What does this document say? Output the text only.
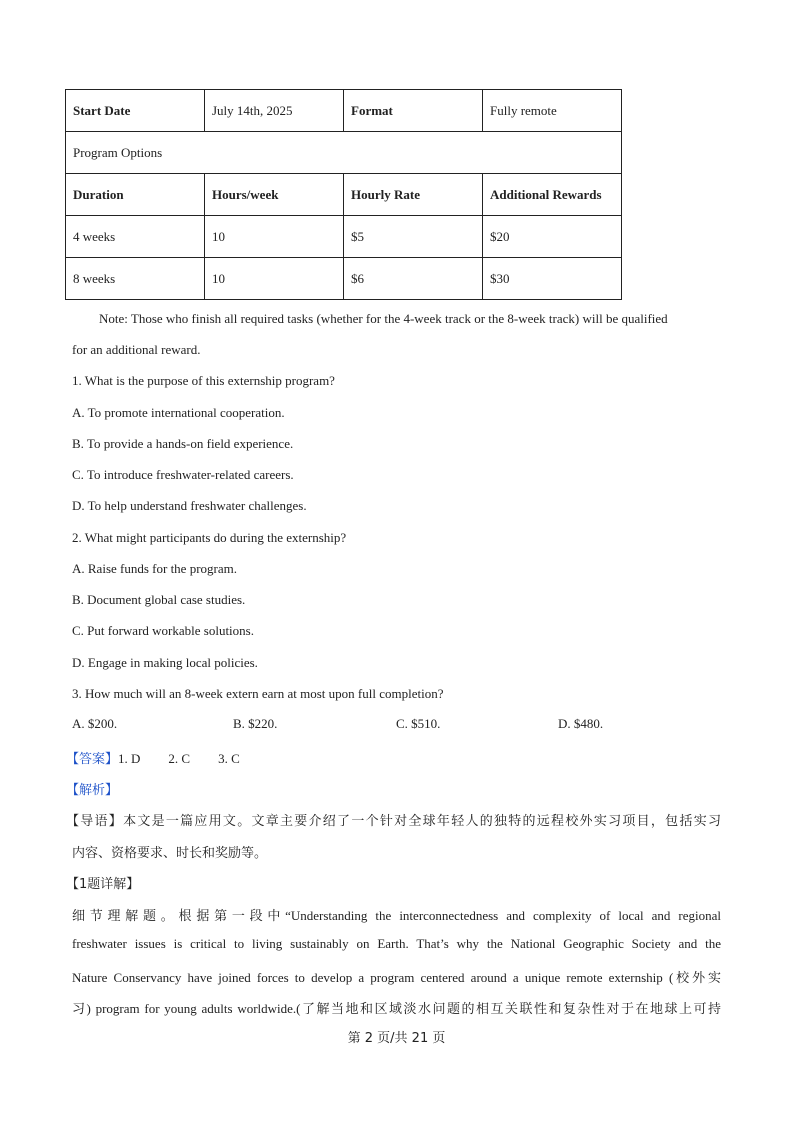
Start Date	July 14th, 2025	Format	Fully remote
Program Options			
Duration	Hours/week	Hourly Rate	Additional Rewards
4 weeks	10	$5	$20
8 weeks	10	$6	$30
Note: Those who finish all required tasks (whether for the 4-week track or the 8-week track) will be qualified
for an additional reward.
1. What is the purpose of this externship program?
A. To promote international cooperation.
B. To provide a hands-on field experience.
C. To introduce freshwater-related careers.
D. To help understand freshwater challenges.
2. What might participants do during the externship?
A. Raise funds for the program.
B. Document global case studies.
C. Put forward workable solutions.
D. Engage in making local policies.
3. How much will an 8-week extern earn at most upon full completion?
A. $200.	B. $220.	C. $510.	D. $480.
【答案】1. D 2. C 3. C
【解析】
【导语】本文是一篇应用文。文章主要介绍了一个针对全球年轻人的独特的远程校外实习项目，包括实习
内容、资格要求、时长和奖励等。
【1题详解】
细节理解题。根据第一段中“Understanding the interconnectedness and complexity of local and regional
freshwater issues is critical to living sustainably on Earth. That’s why the National Geographic Society and the
Nature Conservancy have joined forces to develop a program centered around a unique remote externship (校外实
习) program for young adults worldwide.(了解当地和区域淡水问题的相互关联性和复杂性对于在地球上可持
第 2 页/共 21 页
